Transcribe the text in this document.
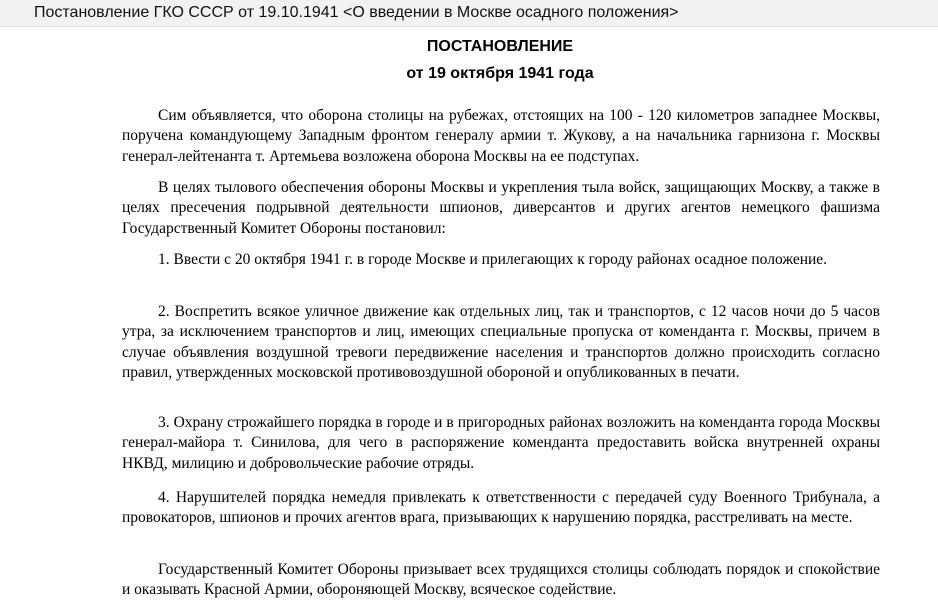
Постановление ГКО СССР от 19.10.1941 <О введении в Москве осадного положения>
ПОСТАНОВЛЕНИЕ
от 19 октября 1941 года

Сим объявляется, что оборона столицы на рубежах, отстоящих на 100 - 120 километров западнее Москвы, поручена командующему Западным фронтом генералу армии т. Жукову, а на начальника гарнизона г. Москвы генерал-лейтенанта т. Артемьева возложена оборона Москвы на ее подступах.

В целях тылового обеспечения обороны Москвы и укрепления тыла войск, защищающих Москву, а также в целях пресечения подрывной деятельности шпионов, диверсантов и других агентов немецкого фашизма Государственный Комитет Обороны постановил:

1. Ввести с 20 октября 1941 г. в городе Москве и прилегающих к городу районах осадное положение.

2. Воспретить всякое уличное движение как отдельных лиц, так и транспортов, с 12 часов ночи до 5 часов утра, за исключением транспортов и лиц, имеющих специальные пропуска от коменданта г. Москвы, причем в случае объявления воздушной тревоги передвижение населения и транспортов должно происходить согласно правил, утвержденных московской противовоздушной обороной и опубликованных в печати.

3. Охрану строжайшего порядка в городе и в пригородных районах возложить на коменданта города Москвы генерал-майора т. Синилова, для чего в распоряжение коменданта предоставить войска внутренней охраны НКВД, милицию и добровольческие рабочие отряды.

4. Нарушителей порядка немедля привлекать к ответственности с передачей суду Военного Трибунала, а провокаторов, шпионов и прочих агентов врага, призывающих к нарушению порядка, расстреливать на месте.

Государственный Комитет Обороны призывает всех трудящихся столицы соблюдать порядок и спокойствие и оказывать Красной Армии, обороняющей Москву, всяческое содействие.
